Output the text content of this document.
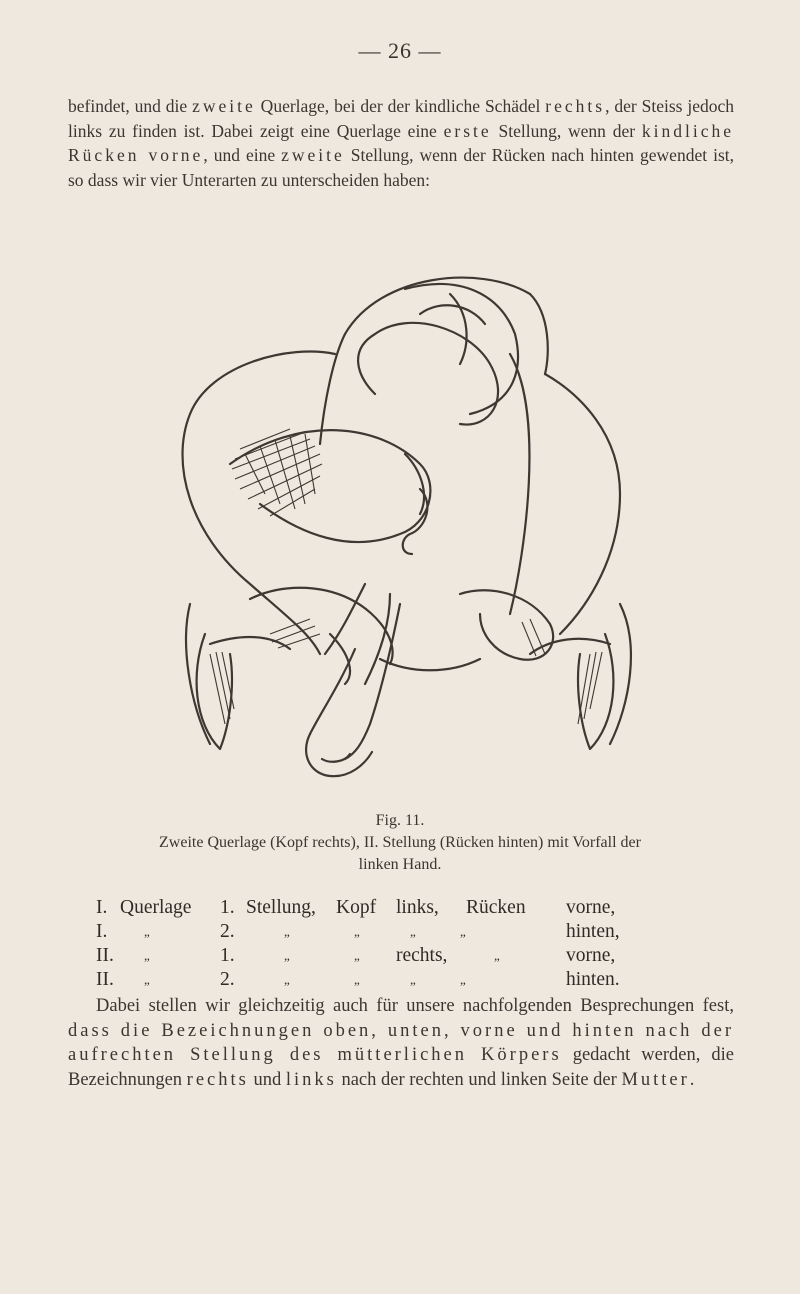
— 26 —

befindet, und die zweite Querlage, bei der der kindliche Schädel rechts, der Steiss jedoch links zu finden ist. Dabei zeigt eine Querlage eine erste Stellung, wenn der kindliche Rücken vorne, und eine zweite Stellung, wenn der Rücken nach hinten gewendet ist, so dass wir vier Unterarten zu unterscheiden haben:

Fig. 11.
Zweite Querlage (Kopf rechts), II. Stellung (Rücken hinten) mit Vorfall der
linken Hand.
I. Querlage 1. Stellung, Kopf links, Rücken vorne,
I.	„	2.	„	„	„	„	hinten,
II. „	1.	„	„ rechts,	„	vorne,
II. „	2.	„	„	„	„	hinten.

Dabei stellen wir gleichzeitig auch für unsere nachfolgenden Besprechungen fest, dass die Bezeichnungen oben, unten, vorne und hinten nach der aufrechten Stellung des mütterlichen Körpers gedacht werden, die Bezeichnungen rechts und links nach der rechten und linken Seite der Mutter.
